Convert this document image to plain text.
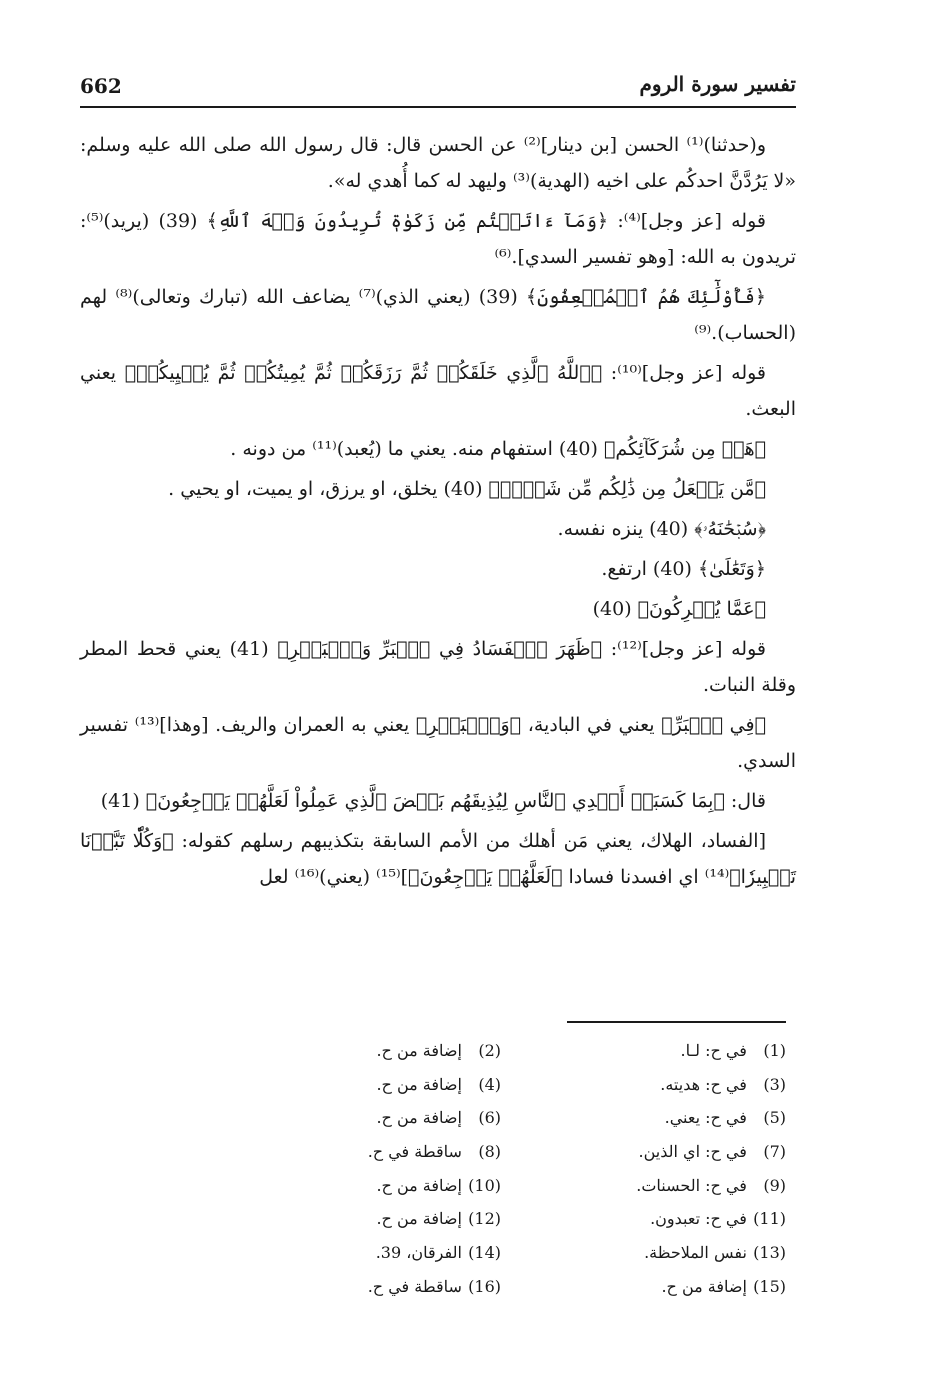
662	تفسير سورة الروم

و(حدثنا)⁽¹⁾ الحسن [بن دينار]⁽²⁾ عن الحسن قال: قال رسول الله صلى الله عليه وسلم: «لا يَرُدَّنَّ احدكُم على اخيه (الهدية)⁽³⁾ وليهد له كما أُهدي له».

قوله [عز وجل]⁽⁴⁾: ﴿وَمَآ ءَاتَيۡتُم مِّن زَكَوٰةٖ تُرِيدُونَ وَجۡهَ ٱللَّهِ﴾ (39) (يريد)⁽⁵⁾: تريدون به الله: [وهو تفسير السدي].⁽⁶⁾

﴿فَأُوْلَٰٓئِكَ هُمُ ٱلۡمُضۡعِفُونَ﴾ (39) (يعني الذي)⁽⁷⁾ يضاعف الله (تبارك وتعالى)⁽⁸⁾ لهم (الحساب).⁽⁹⁾

قوله [عز وجل]⁽¹⁰⁾: ﴿ٱللَّهُ ٱلَّذِي خَلَقَكُمۡ ثُمَّ رَزَقَكُمۡ ثُمَّ يُمِيتُكُمۡ ثُمَّ يُحۡيِيكُمۡ﴾ يعني البعث.

﴿هَلۡ مِن شُرَكَآئِكُم﴾ (40) استفهام منه. يعني ما (يُعبد)⁽¹¹⁾ من دونه .

﴿مَّن يَفۡعَلُ مِن ذَٰلِكُم مِّن شَيۡءٖ﴾ (40) يخلق، او يرزق، او يميت، او يحيي .

﴿سُبۡحَٰنَهُۥ﴾ (40) ينزه نفسه.

﴿وَتَعَٰلَىٰ﴾ (40) ارتفع.

﴿عَمَّا يُشۡرِكُونَ﴾ (40)

قوله [عز وجل]⁽¹²⁾: ﴿ظَهَرَ ٱلۡفَسَادُ فِي ٱلۡبَرِّ وَٱلۡبَحۡرِ﴾ (41) يعني قحط المطر وقلة النبات.

﴿فِي ٱلۡبَرِّ﴾ يعني في البادية، ﴿وَٱلۡبَحۡرِ﴾ يعني به العمران والريف. [وهذا]⁽¹³⁾ تفسير السدي.

قال: ﴿بِمَا كَسَبَتۡ أَيۡدِي ٱلنَّاسِ لِيُذِيقَهُم بَعۡضَ ٱلَّذِي عَمِلُواْ لَعَلَّهُمۡ يَرۡجِعُونَ﴾ (41)

[الفساد، الهلاك، يعني مَن أهلك من الأمم السابقة بتكذيبهم رسلهم كقوله: ﴿وَكُلّٗا تَبَّرۡنَا تَتۡبِيرٗا﴾⁽¹⁴⁾ اي افسدنا فسادا ﴿لَعَلَّهُمۡ يَرۡجِعُونَ﴾]⁽¹⁵⁾ (يعني)⁽¹⁶⁾ لعل

(1) في ح: لـا.
(3) في ح: هديته.
(5) في ح: يعني.
(7) في ح: اي الذين.
(9) في ح: الحسنات.
(11) في ح: تعبدون.
(13) نفس الملاحظة.
(15) إضافة من ح.
(2) إضافة من ح.
(4) إضافة من ح.
(6) إضافة من ح.
(8) ساقطة في ح.
(10) إضافة من ح.
(12) إضافة من ح.
(14) الفرقان، 39.
(16) ساقطة في ح.
